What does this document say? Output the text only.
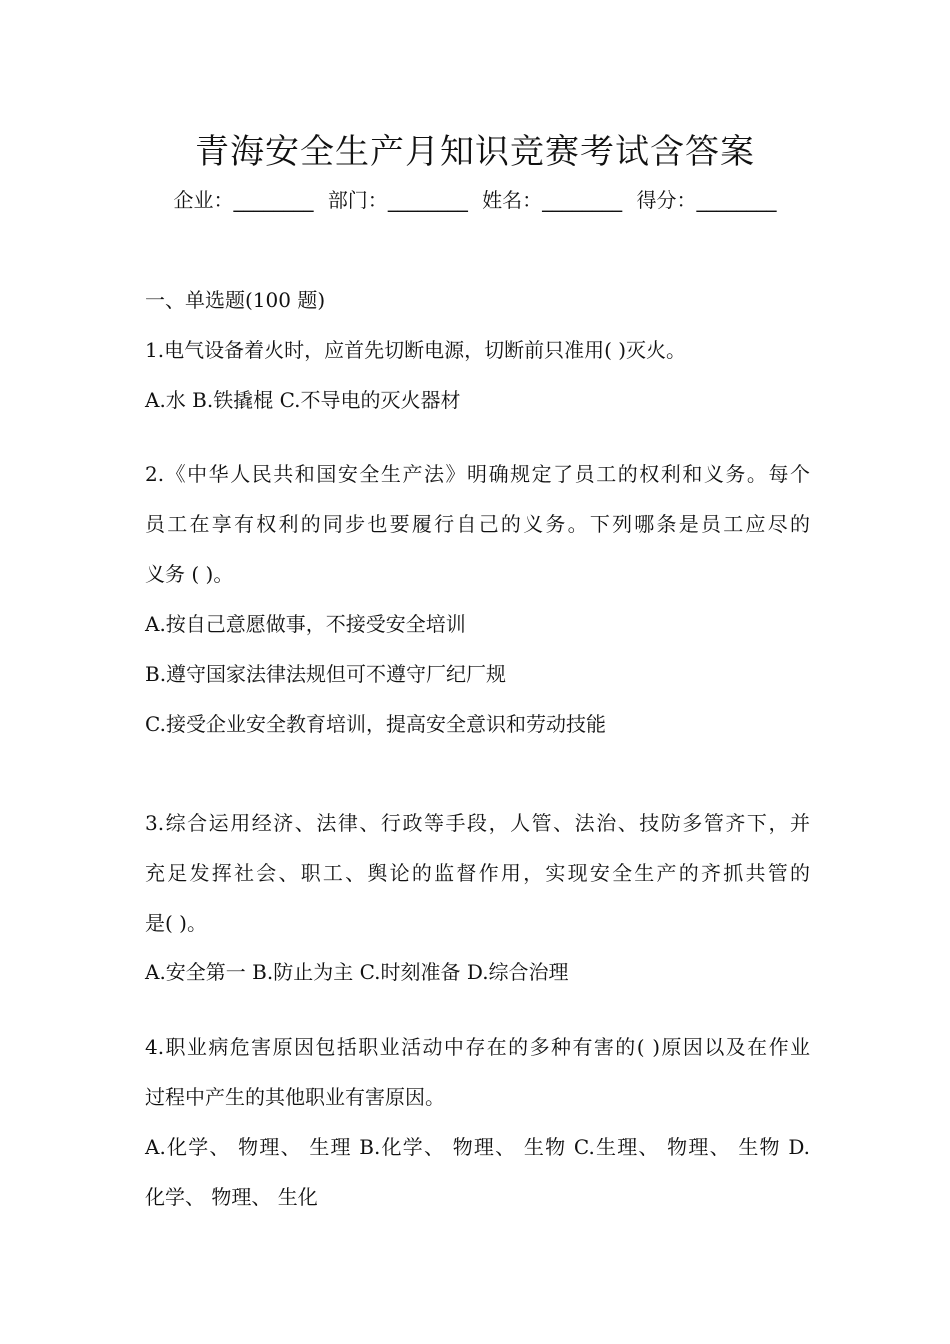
青海安全生产月知识竞赛考试含答案
企业：________ 部门：________ 姓名：________ 得分：________
一、单选题(100 题)
1.电气设备着火时，应首先切断电源，切断前只准用( )灭火。
A.水 B.铁撬棍 C.不导电的灭火器材
2.《中华人民共和国安全生产法》明确规定了员工的权利和义务。每个
员工在享有权利的同步也要履行自己的义务。下列哪条是员工应尽的
义务 ( )。
A.按自己意愿做事，不接受安全培训
B.遵守国家法律法规但可不遵守厂纪厂规
C.接受企业安全教育培训，提高安全意识和劳动技能
3.综合运用经济、法律、行政等手段，人管、法治、技防多管齐下，并
充足发挥社会、职工、舆论的监督作用，实现安全生产的齐抓共管的
是( )。
A.安全第一 B.防止为主 C.时刻准备 D.综合治理
4.职业病危害原因包括职业活动中存在的多种有害的( )原因以及在作业
过程中产生的其他职业有害原因。
A.化学、 物理、 生理 B.化学、 物理、 生物 C.生理、 物理、 生物 D.
化学、 物理、 生化
